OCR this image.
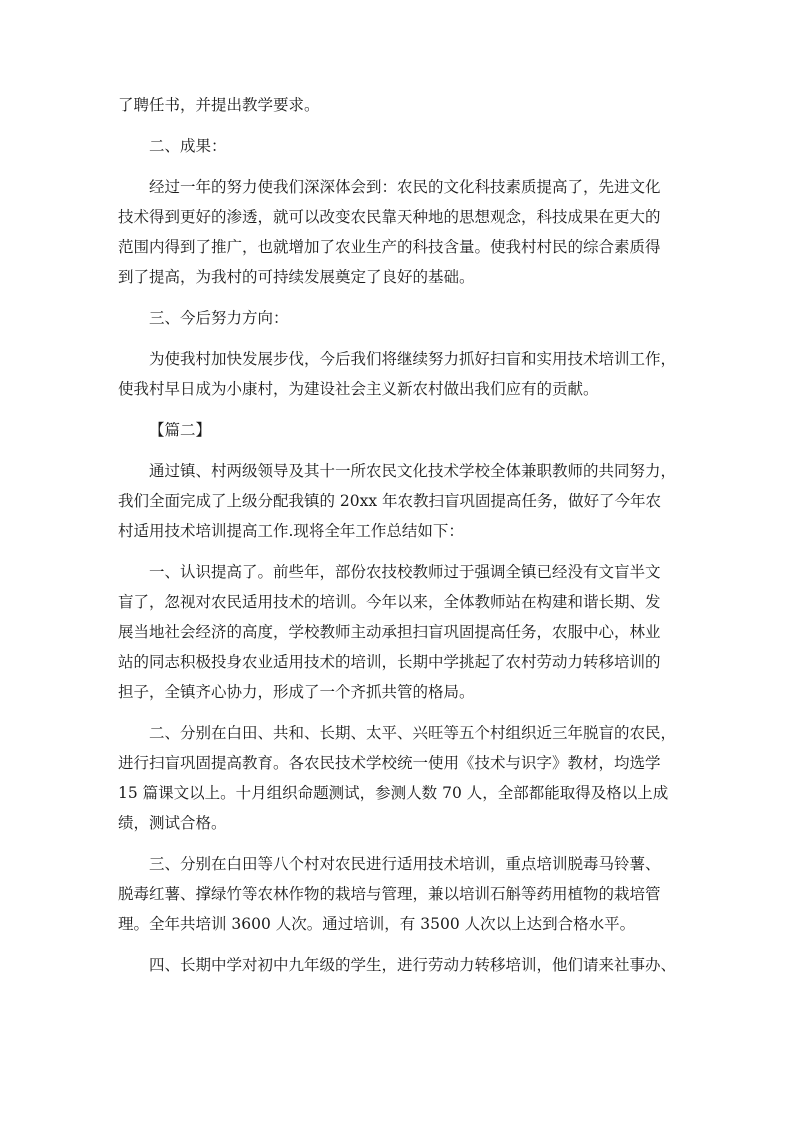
了聘任书，并提出教学要求。
二、成果：
经过一年的努力使我们深深体会到：农民的文化科技素质提高了，先进文化
技术得到更好的渗透，就可以改变农民靠天种地的思想观念，科技成果在更大的
范围内得到了推广，也就增加了农业生产的科技含量。使我村村民的综合素质得
到了提高，为我村的可持续发展奠定了良好的基础。
三、今后努力方向：
为使我村加快发展步伐，今后我们将继续努力抓好扫盲和实用技术培训工作，
使我村早日成为小康村，为建设社会主义新农村做出我们应有的贡献。
【篇二】
通过镇、村两级领导及其十一所农民文化技术学校全体兼职教师的共同努力，
我们全面完成了上级分配我镇的 20xx 年农教扫盲巩固提高任务，做好了今年农
村适用技术培训提高工作.现将全年工作总结如下：
一、认识提高了。前些年，部份农技校教师过于强调全镇已经没有文盲半文
盲了，忽视对农民适用技术的培训。今年以来，全体教师站在构建和谐长期、发
展当地社会经济的高度，学校教师主动承担扫盲巩固提高任务，农服中心，林业
站的同志积极投身农业适用技术的培训，长期中学挑起了农村劳动力转移培训的
担子，全镇齐心协力，形成了一个齐抓共管的格局。
二、分别在白田、共和、长期、太平、兴旺等五个村组织近三年脱盲的农民，
进行扫盲巩固提高教育。各农民技术学校统一使用《技术与识字》教材，均选学
15 篇课文以上。十月组织命题测试，参测人数 70 人，全部都能取得及格以上成
绩，测试合格。
三、分别在白田等八个村对农民进行适用技术培训，重点培训脱毒马铃薯、
脱毒红薯、撑绿竹等农林作物的栽培与管理，兼以培训石斛等药用植物的栽培管
理。全年共培训 3600 人次。通过培训，有 3500 人次以上达到合格水平。
四、长期中学对初中九年级的学生，进行劳动力转移培训，他们请来社事办、
